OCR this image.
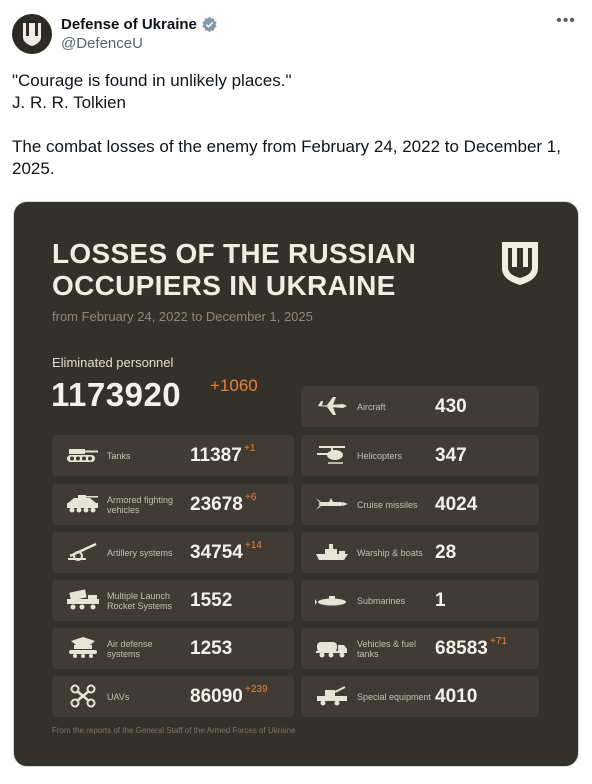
Defense of Ukraine
@DefenceU
•••

"Courage is found in unlikely places."

J. R. R. Tolkien

The combat losses of the enemy from February 24, 2022 to December 1, 2025.

LOSSES OF THE RUSSIAN OCCUPIERS IN UKRAINE
from February 24, 2022 to December 1, 2025
Eliminated personnel
1173920 +1060
Tanks	11387 +1
Armored fighting vehicles	23678 +6
Artillery systems 34754 +14
Multiple Launch Rocket Systems 1552
Air defense systems	1253
UAVs	86090 +239
Aircraft	430
Helicopters	347
Cruise missiles 4024
Warship & boats 28
Submarines	1
Vehicles & fuel tanks	68583 +71
Special equipment 4010
From the reports of the General Staff of the Armed Forces of Ukraine
